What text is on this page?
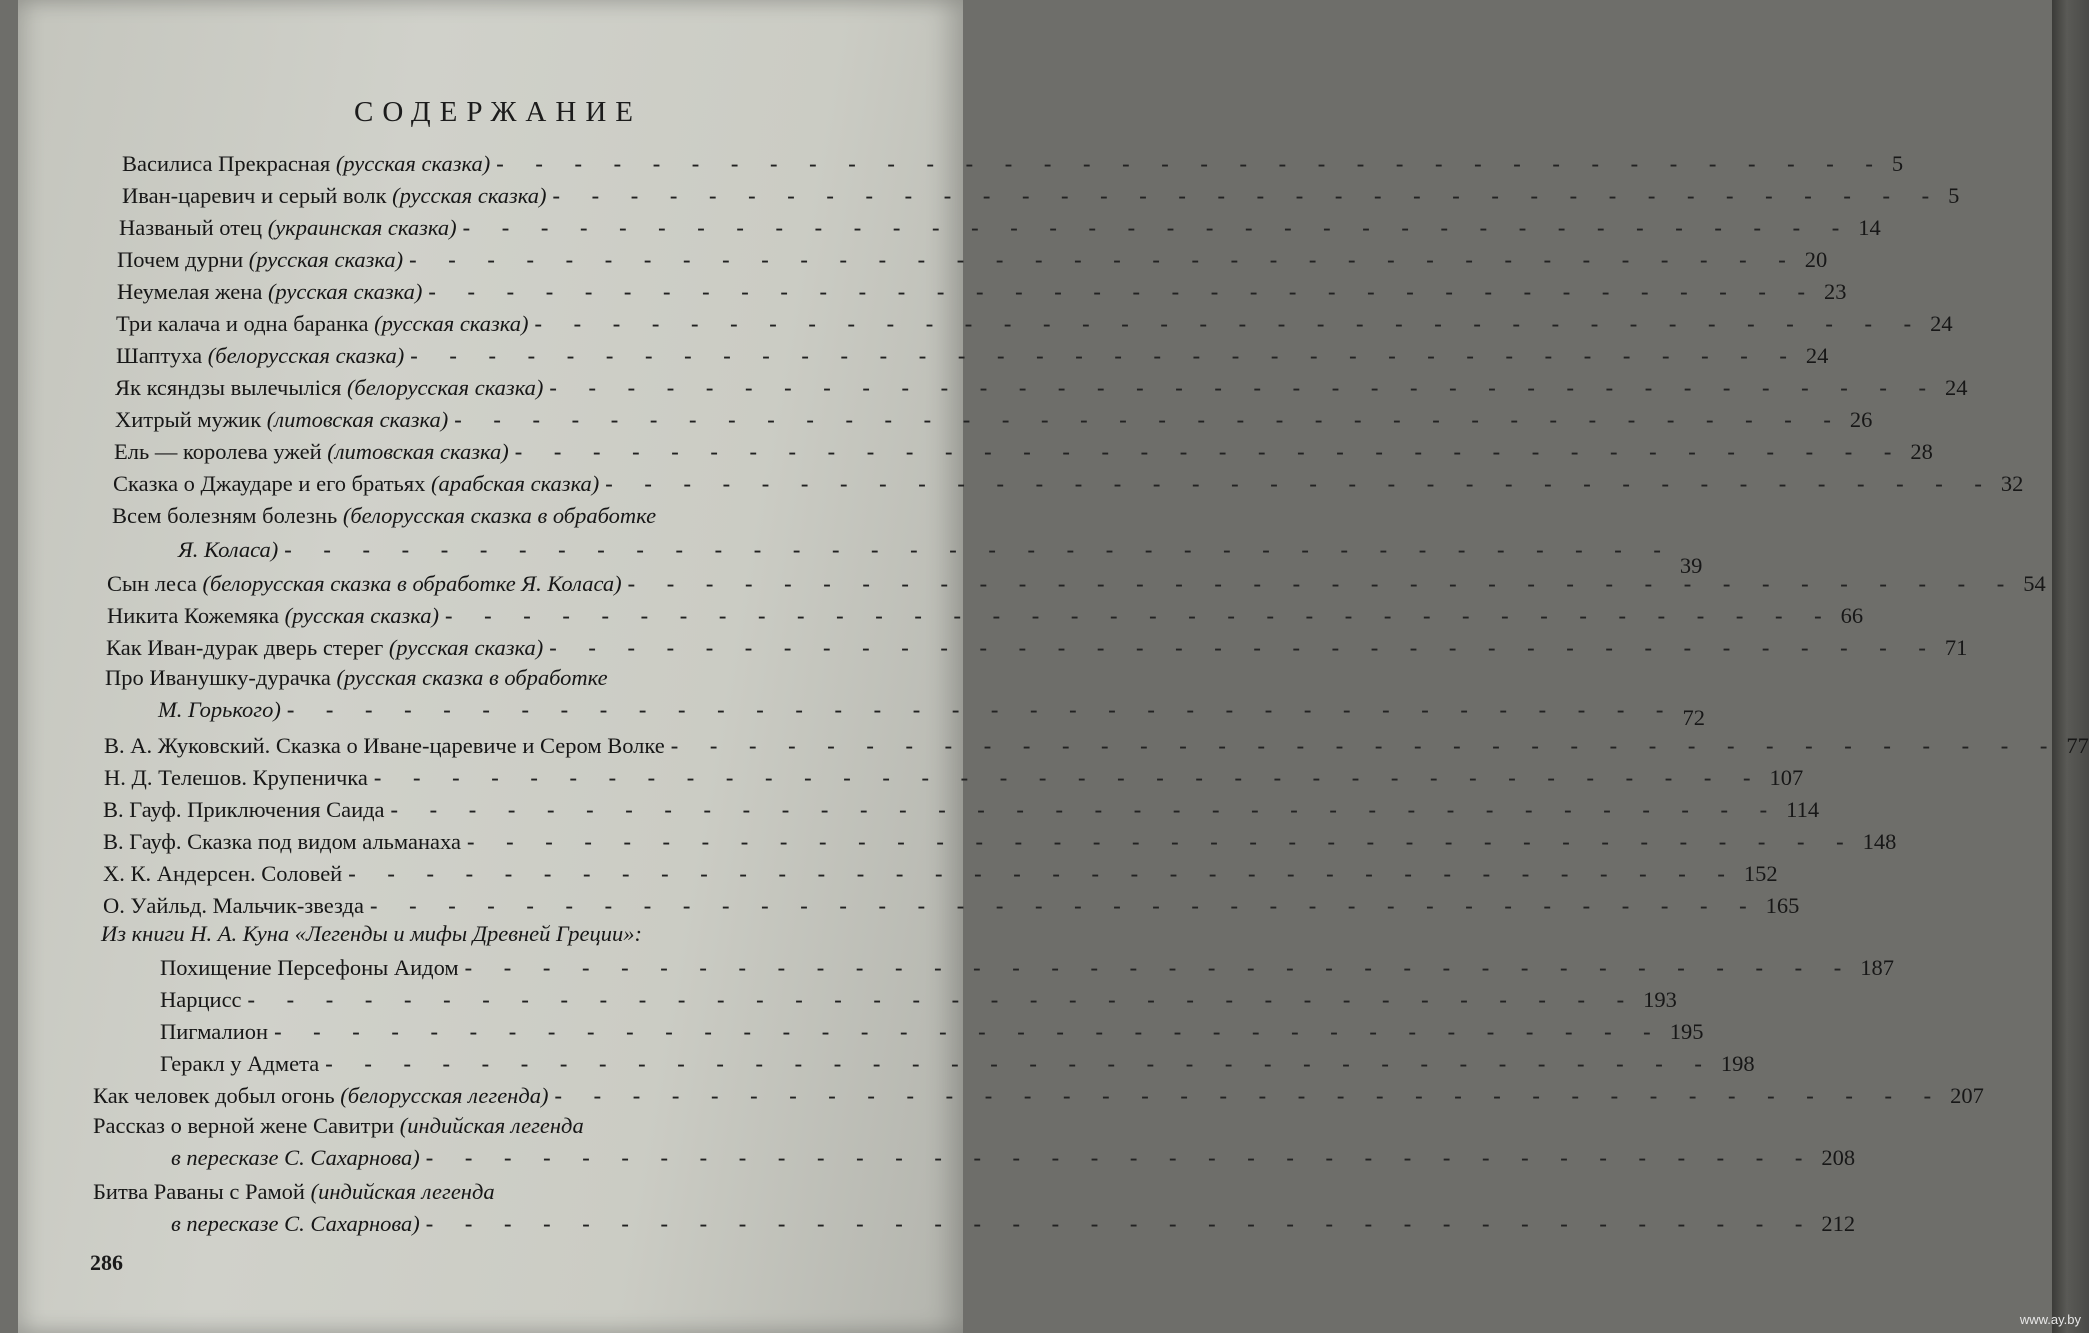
СОДЕРЖАНИЕ
Василиса Прекрасная (русская сказка) - - - - - - - - - - - - - - - - - - - - - - - - - - - - - - - - - - - - 5
Иван-царевич и серый волк (русская сказка) - - - - - - - - - - - - - - - - - - - - - - - - - - - - - - - - - - - - 5
Названый отец (украинская сказка) - - - - - - - - - - - - - - - - - - - - - - - - - - - - - - - - - - - - 14
Почем дурни (русская сказка) - - - - - - - - - - - - - - - - - - - - - - - - - - - - - - - - - - - - 20
Неумелая жена (русская сказка) - - - - - - - - - - - - - - - - - - - - - - - - - - - - - - - - - - - - 23
Три калача и одна баранка (русская сказка) - - - - - - - - - - - - - - - - - - - - - - - - - - - - - - - - - - - - 24
Шаптуха (белорусская сказка) - - - - - - - - - - - - - - - - - - - - - - - - - - - - - - - - - - - - 24
Як ксяндзы вылечылiся (белорусская сказка) - - - - - - - - - - - - - - - - - - - - - - - - - - - - - - - - - - - - 24
Хитрый мужик (литовская сказка) - - - - - - - - - - - - - - - - - - - - - - - - - - - - - - - - - - - - 26
Ель — королева ужей (литовская сказка) - - - - - - - - - - - - - - - - - - - - - - - - - - - - - - - - - - - - 28
Сказка о Джаударе и его братьях (арабская сказка) - - - - - - - - - - - - - - - - - - - - - - - - - - - - - - - - - - - - 32
Всем болезням болезнь (белорусская сказка в обработке
Я. Коласа) - - - - - - - - - - - - - - - - - - - - - - - - - - - - - - - - - - - -
39
Сын леса (белорусская сказка в обработке Я. Коласа) - - - - - - - - - - - - - - - - - - - - - - - - - - - - - - - - - - - - 54
Никита Кожемяка (русская сказка) - - - - - - - - - - - - - - - - - - - - - - - - - - - - - - - - - - - - 66
Как Иван-дурак дверь стерег (русская сказка) - - - - - - - - - - - - - - - - - - - - - - - - - - - - - - - - - - - - 71
Про Иванушку-дурачка (русская сказка в обработке
М. Горького) - - - - - - - - - - - - - - - - - - - - - - - - - - - - - - - - - - - - 72
В. А. Жуковский. Сказка о Иване-царевиче и Сером Волке - - - - - - - - - - - - - - - - - - - - - - - - - - - - - - - - - - - - 77
Н. Д. Телешов. Крупеничка - - - - - - - - - - - - - - - - - - - - - - - - - - - - - - - - - - - - 107
В. Гауф. Приключения Саида - - - - - - - - - - - - - - - - - - - - - - - - - - - - - - - - - - - - 114
В. Гауф. Сказка под видом альманаха - - - - - - - - - - - - - - - - - - - - - - - - - - - - - - - - - - - - 148
Х. К. Андерсен. Соловей - - - - - - - - - - - - - - - - - - - - - - - - - - - - - - - - - - - - 152
О. Уайльд. Мальчик-звезда - - - - - - - - - - - - - - - - - - - - - - - - - - - - - - - - - - - - 165
Из книги Н. А. Куна «Легенды и мифы Древней Греции»:
Похищение Персефоны Аидом - - - - - - - - - - - - - - - - - - - - - - - - - - - - - - - - - - - - 187
Нарцисс - - - - - - - - - - - - - - - - - - - - - - - - - - - - - - - - - - - - 193
Пигмалион - - - - - - - - - - - - - - - - - - - - - - - - - - - - - - - - - - - - 195
Геракл у Адмета - - - - - - - - - - - - - - - - - - - - - - - - - - - - - - - - - - - - 198
Как человек добыл огонь (белорусская легенда) - - - - - - - - - - - - - - - - - - - - - - - - - - - - - - - - - - - - 207
Рассказ о верной жене Савитри (индийская легенда
в пересказе С. Сахарнова) - - - - - - - - - - - - - - - - - - - - - - - - - - - - - - - - - - - - 208
Битва Раваны с Рамой (индийская легенда
в пересказе С. Сахарнова) - - - - - - - - - - - - - - - - - - - - - - - - - - - - - - - - - - - - 212
286
www.ay.by
